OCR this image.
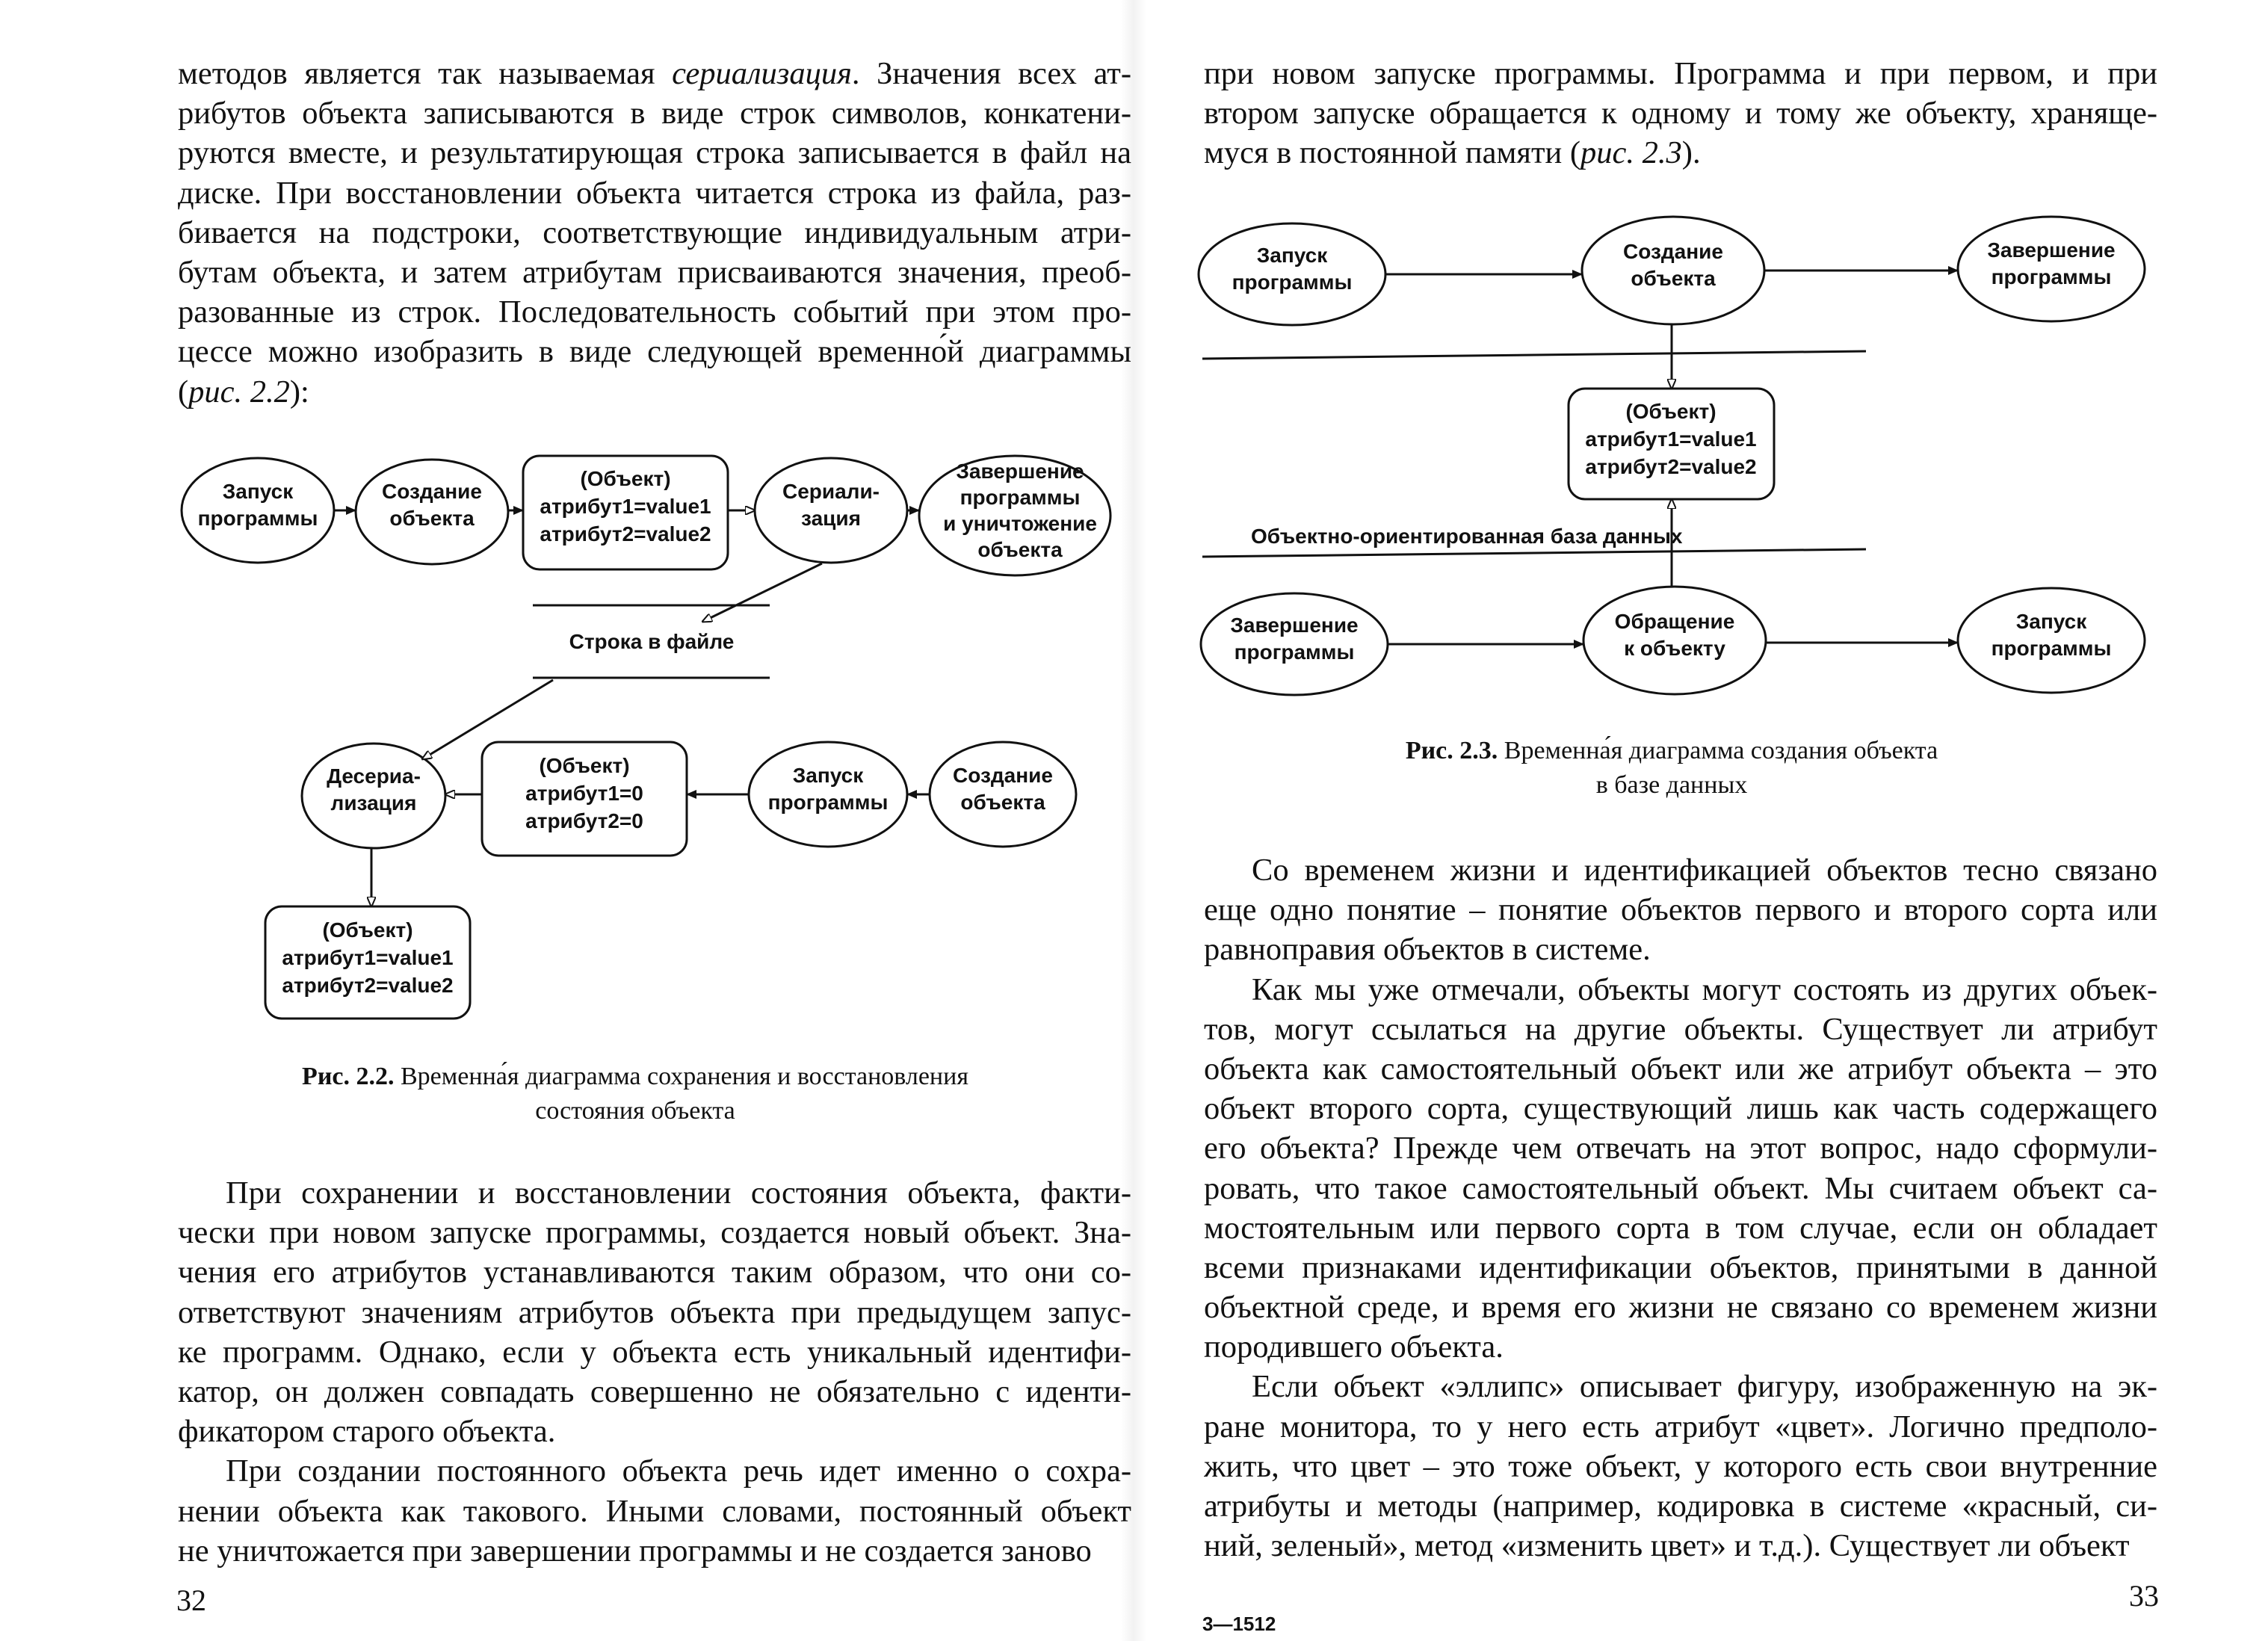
методов является так называемая сериализация. Значения всех ат-
рибутов объекта записываются в виде строк символов, конкатени-
руются вместе, и результатирующая строка записывается в файл на
диске. При восстановлении объекта читается строка из файла, раз-
бивается на подстроки, соответствующие индивидуальным атри-
бутам объекта, и затем атрибутам присваиваются значения, преоб-
разованные из строк. Последовательность событий при этом про-
цессе можно изобразить в виде следующей временно́й диаграммы
(рис. 2.2):
Запуск
программы
Создание
объекта
(Объект)
атрибут1=value1
атрибут2=value2
Сериали-
зация
Завершение
программы
и уничтожение
объекта
Строка в файле
Десериа-
лизация
(Объект)
атрибут1=0
атрибут2=0
Запуск
программы
Создание
объекта
(Объект)
атрибут1=value1
атрибут2=value2
Рис. 2.2. Временна́я диаграмма сохранения и восстановления
состояния объекта
При сохранении и восстановлении состояния объекта, факти-
чески при новом запуске программы, создается новый объект. Зна-
чения его атрибутов устанавливаются таким образом, что они со-
ответствуют значениям атрибутов объекта при предыдущем запус-
ке программ. Однако, если у объекта есть уникальный идентифи-
катор, он должен совпадать совершенно не обязательно с иденти-
фикатором старого объекта.
При создании постоянного объекта речь идет именно о сохра-
нении объекта как такового. Иными словами, постоянный объект
не уничтожается при завершении программы и не создается заново
32
при новом запуске программы. Программа и при первом, и при
втором запуске обращается к одному и тому же объекту, храняще-
муся в постоянной памяти (рис. 2.3).
Запуск
программы
Создание
объекта
Завершение
программы
(Объект)
атрибут1=value1
атрибут2=value2
Объектно-ориентированная база данных
Завершение
программы
Обращение
к объекту
Запуск
программы
Рис. 2.3. Временна́я диаграмма создания объекта
в базе данных
Со временем жизни и идентификацией объектов тесно связано
еще одно понятие – понятие объектов первого и второго сорта или
равноправия объектов в системе.
Как мы уже отмечали, объекты могут состоять из других объек-
тов, могут ссылаться на другие объекты. Существует ли атрибут
объекта как самостоятельный объект или же атрибут объекта – это
объект второго сорта, существующий лишь как часть содержащего
его объекта? Прежде чем отвечать на этот вопрос, надо сформули-
ровать, что такое самостоятельный объект. Мы считаем объект са-
мостоятельным или первого сорта в том случае, если он обладает
всеми признаками идентификации объектов, принятыми в данной
объектной среде, и время его жизни не связано со временем жизни
породившего объекта.
Если объект «эллипс» описывает фигуру, изображенную на эк-
ране монитора, то у него есть атрибут «цвет». Логично предполо-
жить, что цвет – это тоже объект, у которого есть свои внутренние
атрибуты и методы (например, кодировка в системе «красный, си-
ний, зеленый», метод «изменить цвет» и т.д.). Существует ли объект
3—1512
33
